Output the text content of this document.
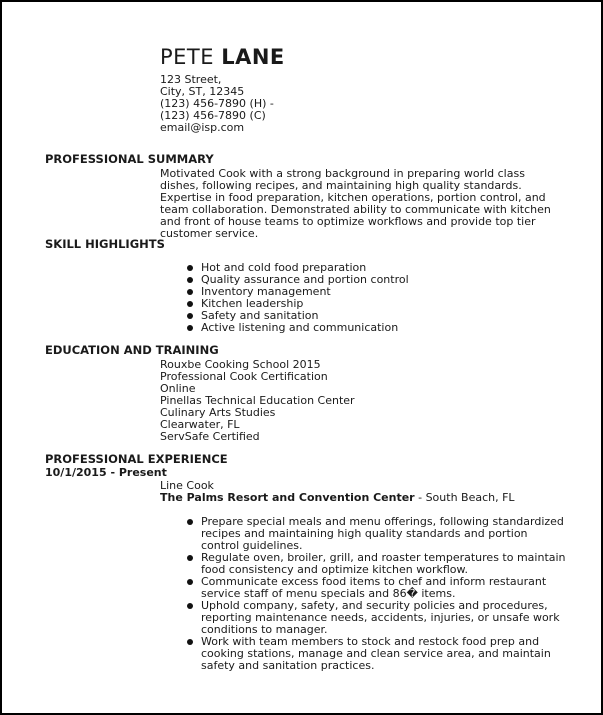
PETE LANE
123 Street,
City, ST, 12345
(123) 456-7890 (H) -
(123) 456-7890 (C)
email@isp.com
PROFESSIONAL SUMMARY

Motivated Cook with a strong background in preparing world class dishes, following recipes, and maintaining high quality standards. Expertise in food preparation, kitchen operations, portion control, and team collaboration. Demonstrated ability to communicate with kitchen and front of house teams to optimize workflows and provide top tier customer service.

SKILL HIGHLIGHTS
Hot and cold food preparation
Quality assurance and portion control
Inventory management
Kitchen leadership
Safety and sanitation
Active listening and communication
EDUCATION AND TRAINING
Rouxbe Cooking School 2015
Professional Cook Certification
Online
Pinellas Technical Education Center
Culinary Arts Studies
Clearwater, FL
ServSafe Certified
PROFESSIONAL EXPERIENCE
10/1/2015 - Present
Line Cook
The Palms Resort and Convention Center - South Beach, FL
Prepare special meals and menu offerings, following standardized recipes and maintaining high quality standards and portion control guidelines.
Regulate oven, broiler, grill, and roaster temperatures to maintain food consistency and optimize kitchen workflow.
Communicate excess food items to chef and inform restaurant service staff of menu specials and 86� items.
Uphold company, safety, and security policies and procedures, reporting maintenance needs, accidents, injuries, or unsafe work conditions to manager.
Work with team members to stock and restock food prep and cooking stations, manage and clean service area, and maintain safety and sanitation practices.
